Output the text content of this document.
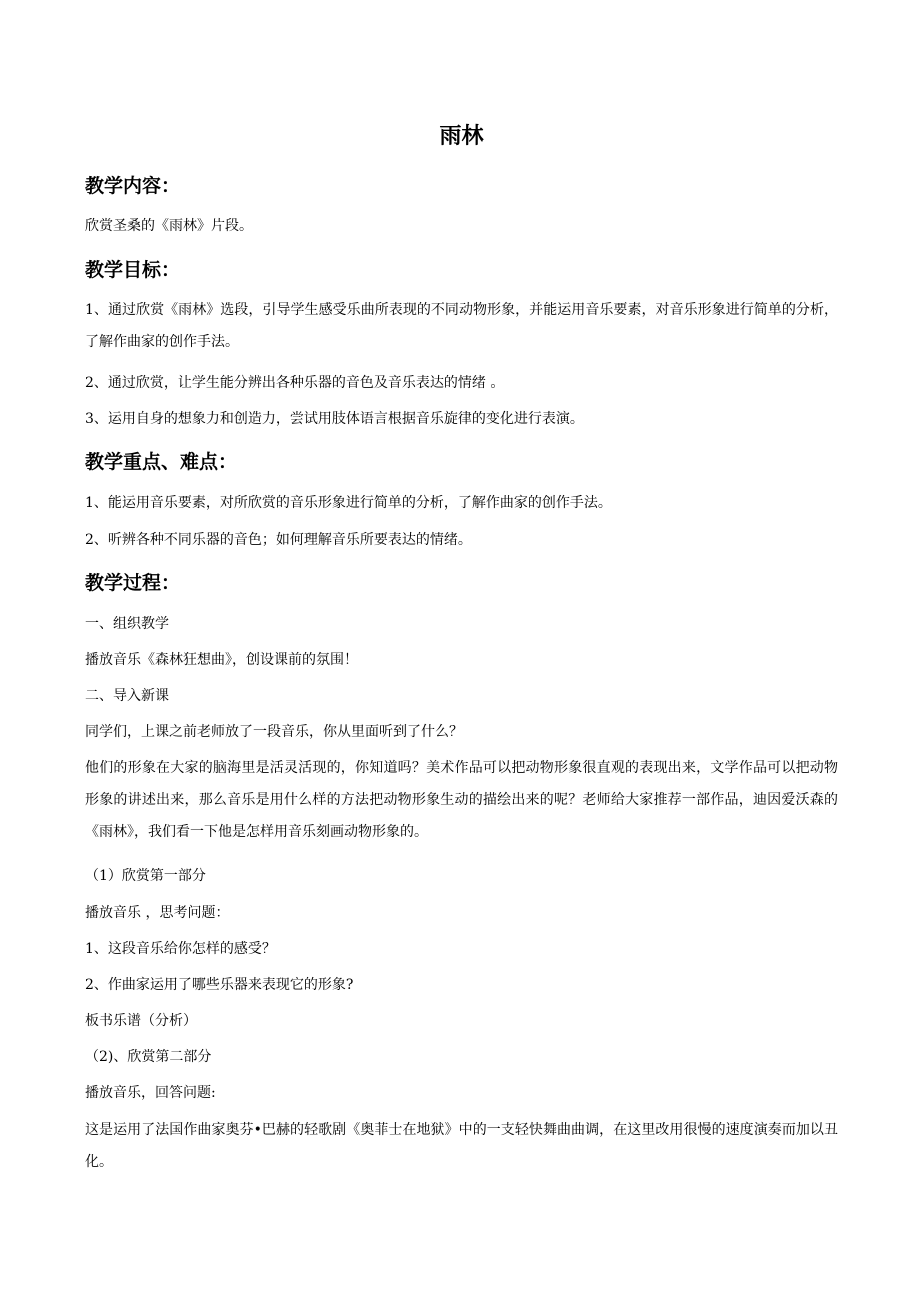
雨林
教学内容：

欣赏圣桑的《雨林》片段。

教学目标：

1、通过欣赏《雨林》选段，引导学生感受乐曲所表现的不同动物形象，并能运用音乐要素，对音乐形象进行简单的分析，了解作曲家的创作手法。

2、通过欣赏，让学生能分辨出各种乐器的音色及音乐表达的情绪 。

3、运用自身的想象力和创造力，尝试用肢体语言根据音乐旋律的变化进行表演。

教学重点、难点：

1、能运用音乐要素，对所欣赏的音乐形象进行简单的分析，了解作曲家的创作手法。

2、听辨各种不同乐器的音色；如何理解音乐所要表达的情绪。

教学过程：

一、组织教学

播放音乐《森林狂想曲》，创设课前的氛围！

二、导入新课

同学们，上课之前老师放了一段音乐，你从里面听到了什么？

他们的形象在大家的脑海里是活灵活现的，你知道吗？美术作品可以把动物形象很直观的表现出来，文学作品可以把动物形象的讲述出来，那么音乐是用什么样的方法把动物形象生动的描绘出来的呢？老师给大家推荐一部作品，迪因爱沃森的《雨林》，我们看一下他是怎样用音乐刻画动物形象的。

（1）欣赏第一部分

播放音乐 ，思考问题：

1、这段音乐给你怎样的感受？

2、作曲家运用了哪些乐器来表现它的形象?

板书乐谱（分析）

（2)、欣赏第二部分

播放音乐，回答问题:

这是运用了法国作曲家奥芬•巴赫的轻歌剧《奥菲士在地狱》中的一支轻快舞曲曲调，在这里改用很慢的速度演奏而加以丑化。
